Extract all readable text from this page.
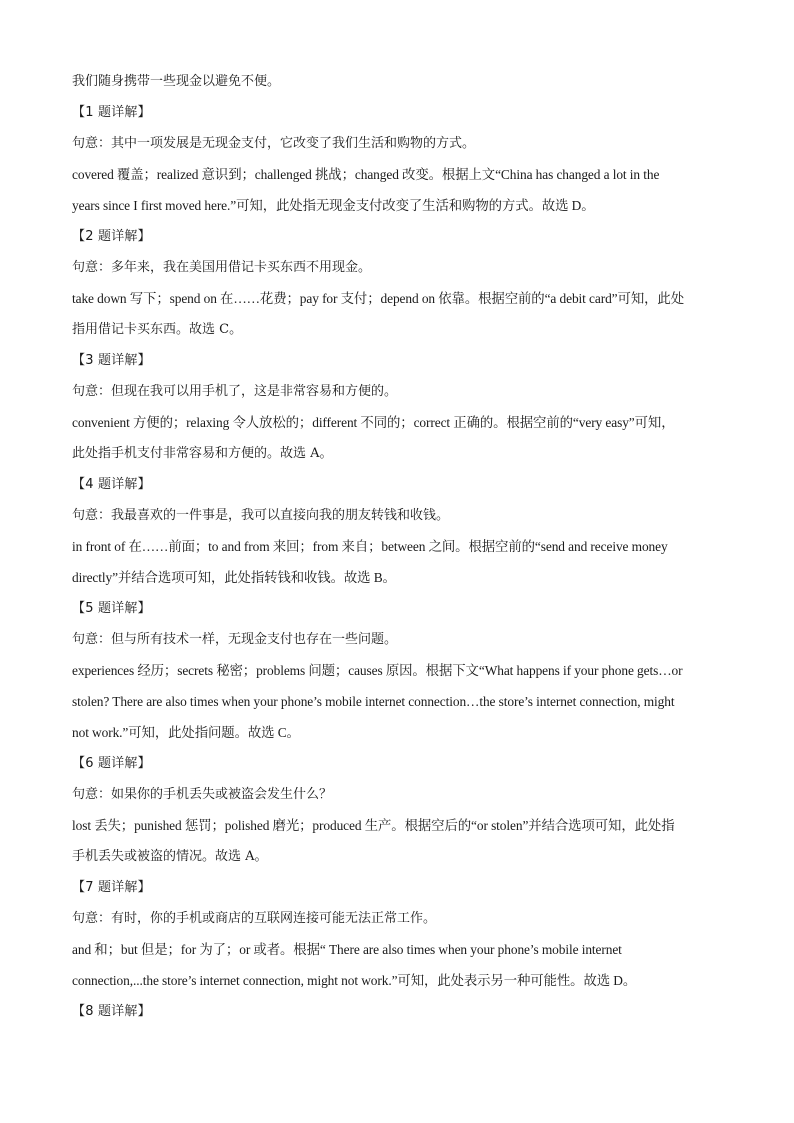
我们随身携带一些现金以避免不便。
【1 题详解】
句意：其中一项发展是无现金支付，它改变了我们生活和购物的方式。
covered 覆盖；realized 意识到；challenged 挑战；changed 改变。根据上文“China has changed a lot in the
years since I first moved here.”可知，此处指无现金支付改变了生活和购物的方式。故选 D。
【2 题详解】
句意：多年来，我在美国用借记卡买东西不用现金。
take down 写下；spend on 在……花费；pay for 支付；depend on 依靠。根据空前的“a debit card”可知，此处
指用借记卡买东西。故选 C。
【3 题详解】
句意：但现在我可以用手机了，这是非常容易和方便的。
convenient 方便的；relaxing 令人放松的；different 不同的；correct 正确的。根据空前的“very easy”可知，
此处指手机支付非常容易和方便的。故选 A。
【4 题详解】
句意：我最喜欢的一件事是，我可以直接向我的朋友转钱和收钱。
in front of 在……前面；to and from 来回；from 来自；between 之间。根据空前的“send and receive money
directly”并结合选项可知，此处指转钱和收钱。故选 B。
【5 题详解】
句意：但与所有技术一样，无现金支付也存在一些问题。
experiences 经历；secrets 秘密；problems 问题；causes 原因。根据下文“What happens if your phone gets…or
stolen? There are also times when your phone’s mobile internet connection…the store’s internet connection, might
not work.”可知，此处指问题。故选 C。
【6 题详解】
句意：如果你的手机丢失或被盗会发生什么？
lost 丢失；punished 惩罚；polished 磨光；produced 生产。根据空后的“or stolen”并结合选项可知，此处指
手机丢失或被盗的情况。故选 A。
【7 题详解】
句意：有时，你的手机或商店的互联网连接可能无法正常工作。
and 和；but 但是；for 为了；or 或者。根据“ There are also times when your phone’s mobile internet
connection,...the store’s internet connection, might not work.”可知，此处表示另一种可能性。故选 D。
【8 题详解】
